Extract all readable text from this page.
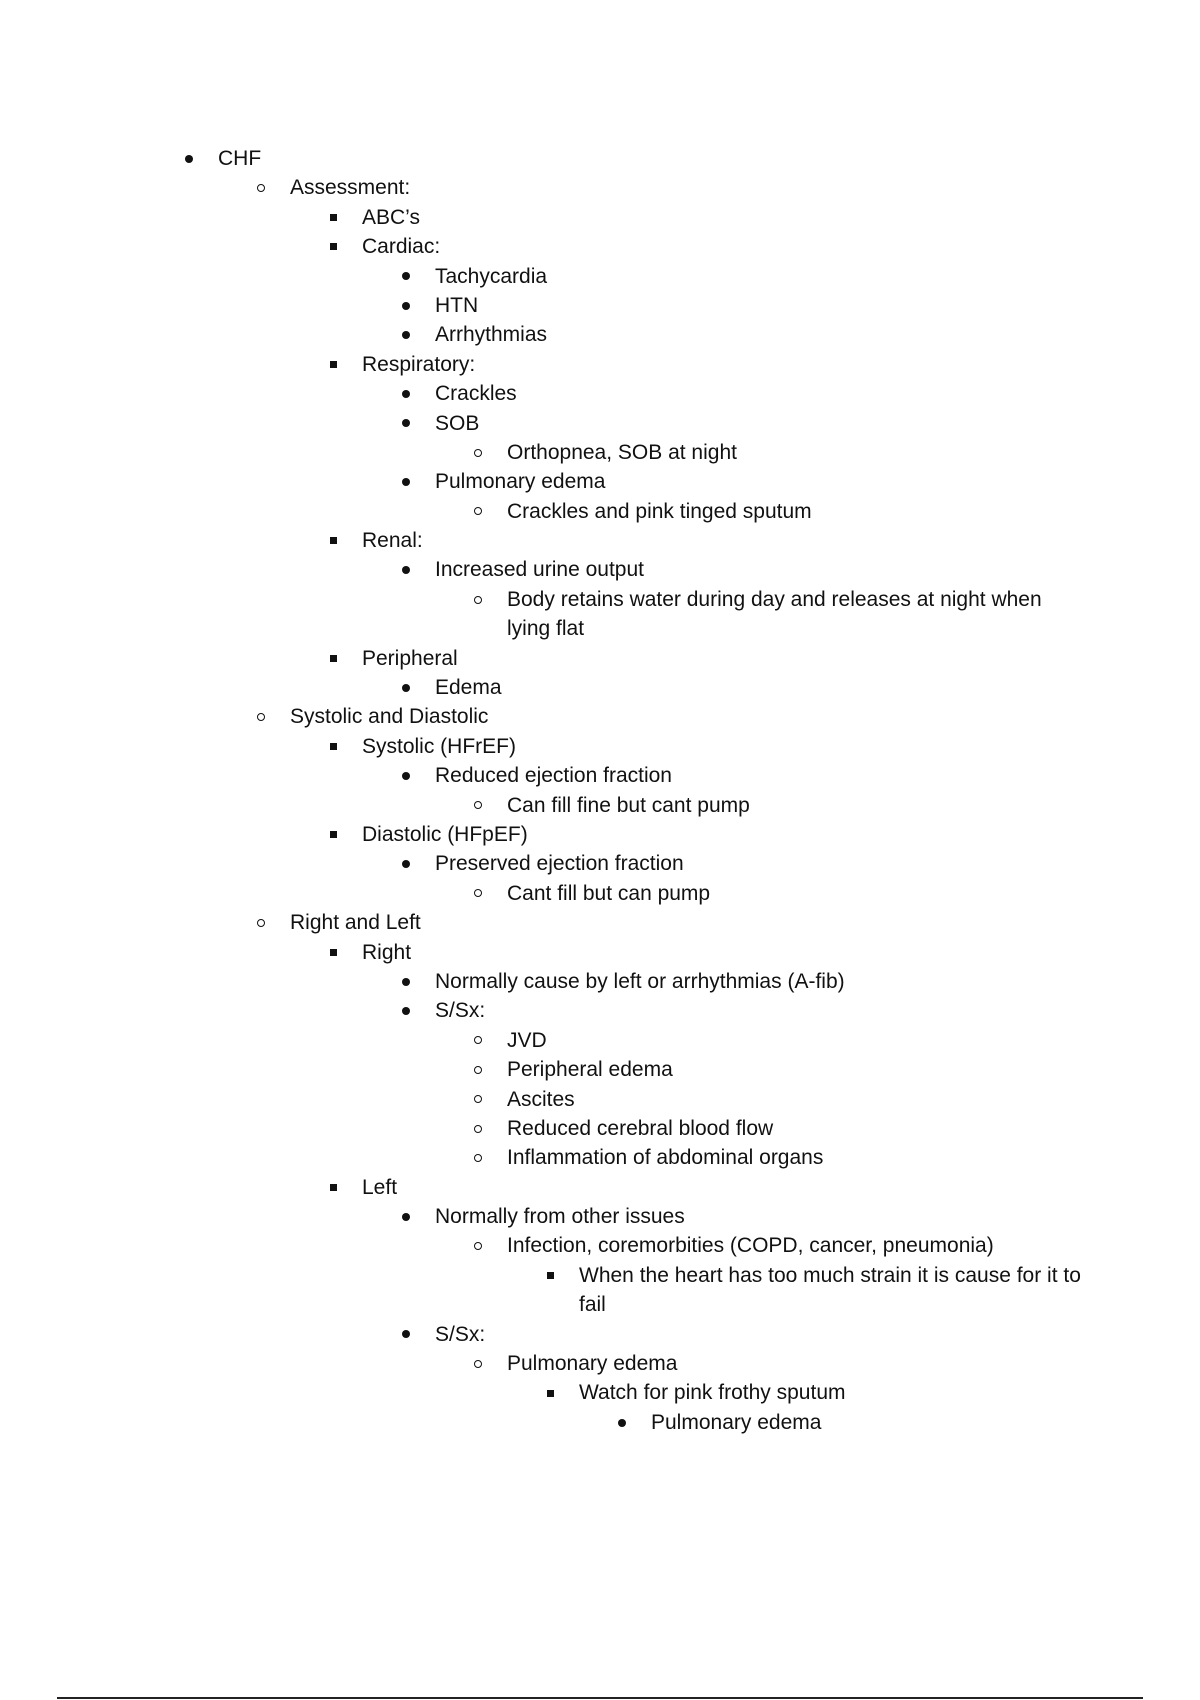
CHF
Assessment:
ABC’s
Cardiac:
Tachycardia
HTN
Arrhythmias
Respiratory:
Crackles
SOB
Orthopnea, SOB at night
Pulmonary edema
Crackles and pink tinged sputum
Renal:
Increased urine output
Body retains water during day and releases at night when lying flat
Peripheral
Edema
Systolic and Diastolic
Systolic (HFrEF)
Reduced ejection fraction
Can fill fine but cant pump
Diastolic (HFpEF)
Preserved ejection fraction
Cant fill but can pump
Right and Left
Right
Normally cause by left or arrhythmias (A-fib)
S/Sx:
JVD
Peripheral edema
Ascites
Reduced cerebral blood flow
Inflammation of abdominal organs
Left
Normally from other issues
Infection, coremorbities (COPD, cancer, pneumonia)
When the heart has too much strain it is cause for it to fail
S/Sx:
Pulmonary edema
Watch for pink frothy sputum
Pulmonary edema
